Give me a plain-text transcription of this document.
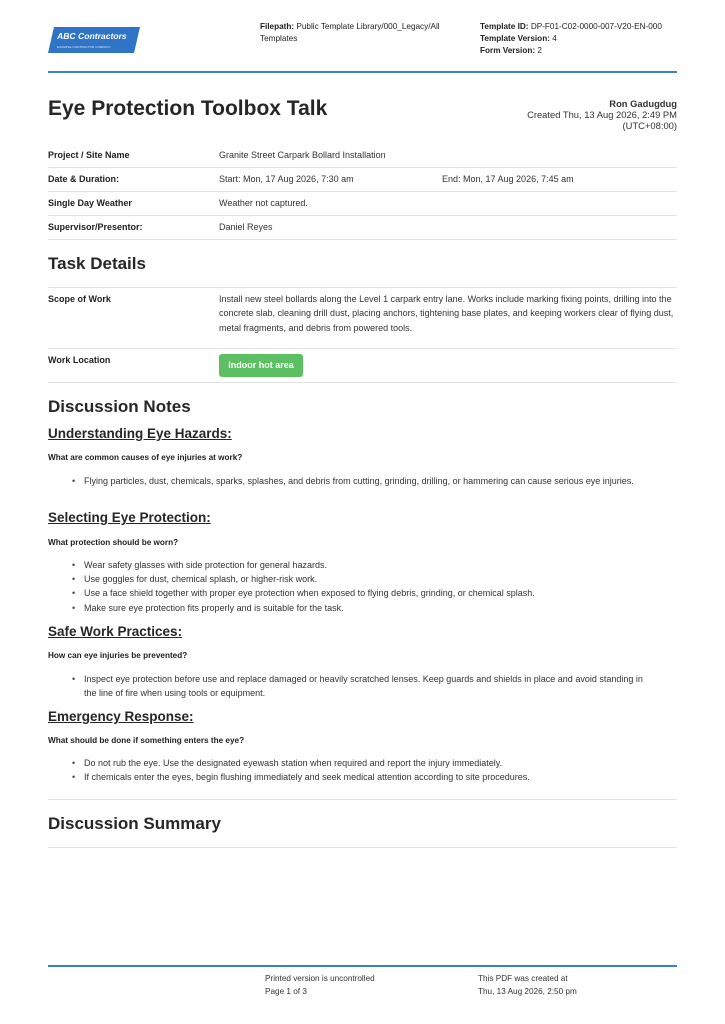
ABC Contractors
EXAMPLE CONTRACTOR COMPANY
Filepath: Public Template Library/000_Legacy/All Templates
Template ID: DP-F01-C02-0000-007-V20-EN-000
Template Version: 4
Form Version: 2
Eye Protection Toolbox Talk	Ron Gadugdug
Created Thu, 13 Aug 2026, 2:49 PM
(UTC+08:00)
Project / Site Name	Granite Street Carpark Bollard Installation
Date & Duration:	Start: Mon, 17 Aug 2026, 7:30 am	End: Mon, 17 Aug 2026, 7:45 am
Single Day Weather	Weather not captured.
Supervisor/Presentor:	Daniel Reyes
Task Details
Scope of Work	Install new steel bollards along the Level 1 carpark entry lane. Works include marking fixing points, drilling into the concrete slab, cleaning drill dust, placing anchors, tightening base plates, and keeping workers clear of flying dust, metal fragments, and debris from powered tools.
Work Location	Indoor hot area
Discussion Notes
Understanding Eye Hazards:
What are common causes of eye injuries at work?
• Flying particles, dust, chemicals, sparks, splashes, and debris from cutting, grinding, drilling, or hammering can cause serious eye injuries.
Selecting Eye Protection:
What protection should be worn?
• Wear safety glasses with side protection for general hazards.
• Use goggles for dust, chemical splash, or higher-risk work.
• Use a face shield together with proper eye protection when exposed to flying debris, grinding, or chemical splash.
• Make sure eye protection fits properly and is suitable for the task.
Safe Work Practices:
How can eye injuries be prevented?
• Inspect eye protection before use and replace damaged or heavily scratched lenses. Keep guards and shields in place and avoid standing in the line of fire when using tools or equipment.
Emergency Response:
What should be done if something enters the eye?
• Do not rub the eye. Use the designated eyewash station when required and report the injury immediately.
• If chemicals enter the eyes, begin flushing immediately and seek medical attention according to site procedures.
Discussion Summary
Printed version is uncontrolled
Page 1 of 3
This PDF was created at
Thu, 13 Aug 2026, 2:50 pm
